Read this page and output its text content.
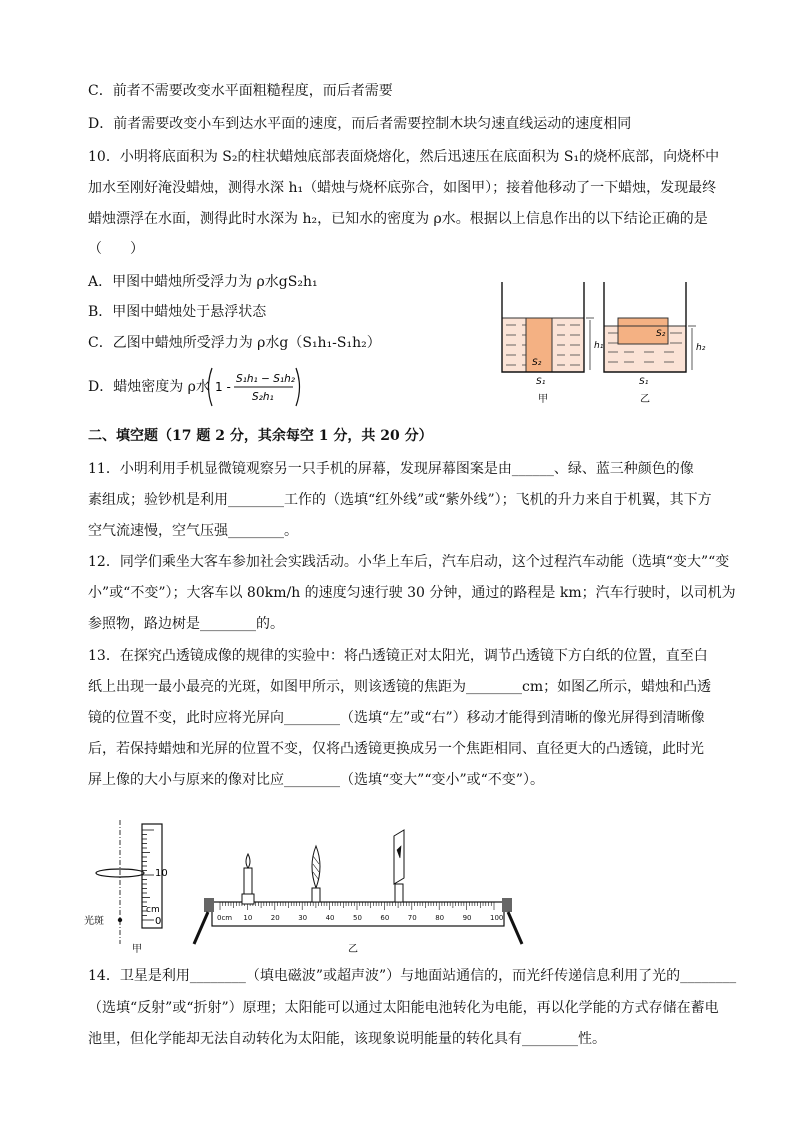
C．前者不需要改变水平面粗糙程度，而后者需要
D．前者需要改变小车到达水平面的速度，而后者需要控制木块匀速直线运动的速度相同
10．小明将底面积为 S₂的柱状蜡烛底部表面烧熔化，然后迅速压在底面积为 S₁的烧杯底部，向烧杯中
加水至刚好淹没蜡烛，测得水深 h₁（蜡烛与烧杯底弥合，如图甲）；接着他移动了一下蜡烛，发现最终
蜡烛漂浮在水面，测得此时水深为 h₂，已知水的密度为 ρ水。根据以上信息作出的以下结论正确的是
（　　）
A．甲图中蜡烛所受浮力为 ρ水gS₂h₁
B．甲图中蜡烛处于悬浮状态
C．乙图中蜡烛所受浮力为 ρ水g（S₁h₁-S₁h₂）
D．蜡烛密度为 ρ水 1 -
S₁h₁ − S₁h₂
S₂h₁
S₂
h₁
S₁
甲
S₂
h₂
S₁
乙
二、填空题（17 题 2 分，其余每空 1 分，共 20 分）
11．小明利用手机显微镜观察另一只手机的屏幕，发现屏幕图案是由______、绿、蓝三种颜色的像
素组成；验钞机是利用________工作的（选填“红外线”或“紫外线”）；飞机的升力来自于机翼，其下方
空气流速慢，空气压强________。
12．同学们乘坐大客车参加社会实践活动。小华上车后，汽车启动，这个过程汽车动能（选填“变大”“变
小”或“不变”）；大客车以 80km/h 的速度匀速行驶 30 分钟，通过的路程是 km；汽车行驶时，以司机为
参照物，路边树是________的。
13．在探究凸透镜成像的规律的实验中：将凸透镜正对太阳光，调节凸透镜下方白纸的位置，直至白
纸上出现一最小最亮的光斑，如图甲所示，则该透镜的焦距为________cm；如图乙所示，蜡烛和凸透
镜的位置不变，此时应将光屏向________（选填“左”或“右”）移动才能得到清晰的像光屏得到清晰像
后，若保持蜡烛和光屏的位置不变，仅将凸透镜更换成另一个焦距相同、直径更大的凸透镜，此时光
屏上像的大小与原来的像对比应________（选填“变大”“变小”或“不变”）。
光斑
10
cm
0
甲
0cm 10	20	30	40	50	60	70	80	90	100
乙
14．卫星是利用________（填电磁波”或超声波”）与地面站通信的，而光纤传递信息利用了光的________
（选填“反射”或“折射”）原理；太阳能可以通过太阳能电池转化为电能，再以化学能的方式存储在蓄电
池里，但化学能却无法自动转化为太阳能，该现象说明能量的转化具有________性。
